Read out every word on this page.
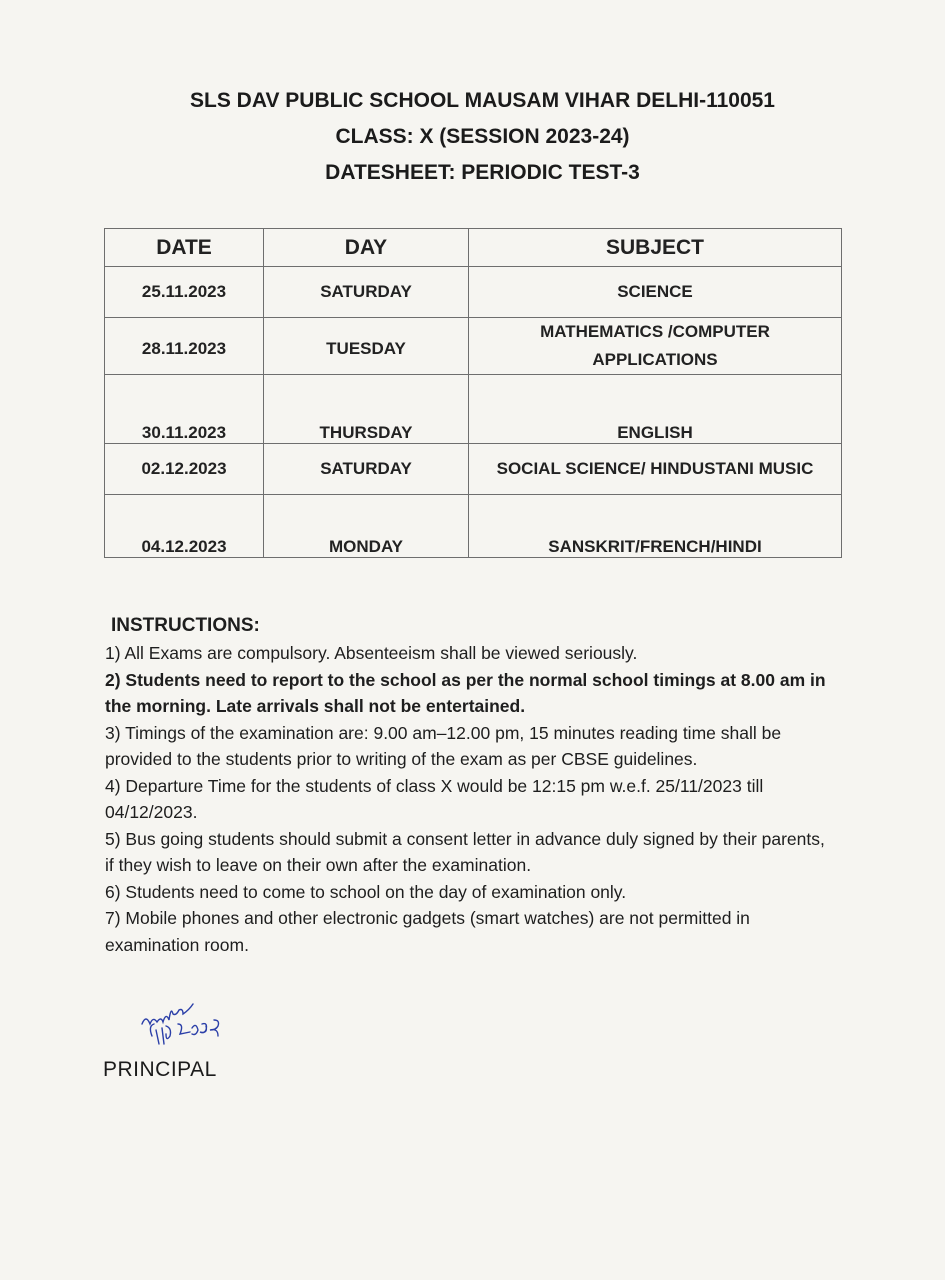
SLS DAV PUBLIC SCHOOL MAUSAM VIHAR DELHI-110051
CLASS: X (SESSION 2023-24)
DATESHEET: PERIODIC TEST-3
DATE	DAY	SUBJECT
25.11.2023	SATURDAY	SCIENCE
28.11.2023	TUESDAY	MATHEMATICS /COMPUTER
APPLICATIONS

30.11.2023	THURSDAY	ENGLISH
02.12.2023	SATURDAY	SOCIAL SCIENCE/ HINDUSTANI MUSIC
04.12.2023	MONDAY	SANSKRIT/FRENCH/HINDI
INSTRUCTIONS:
1) All Exams are compulsory. Absenteeism shall be viewed seriously.
2) Students need to report to the school as per the normal school timings at 8.00 am in the morning. Late arrivals shall not be entertained.
3) Timings of the examination are: 9.00 am–12.00 pm, 15 minutes reading time shall be provided to the students prior to writing of the exam as per CBSE guidelines.
4) Departure Time for the students of class X would be 12:15 pm w.e.f. 25/11/2023 till 04/12/2023.
5) Bus going students should submit a consent letter in advance duly signed by their parents, if they wish to leave on their own after the examination.
6) Students need to come to school on the day of examination only.
7) Mobile phones and other electronic gadgets (smart watches) are not permitted in examination room.
PRINCIPAL
